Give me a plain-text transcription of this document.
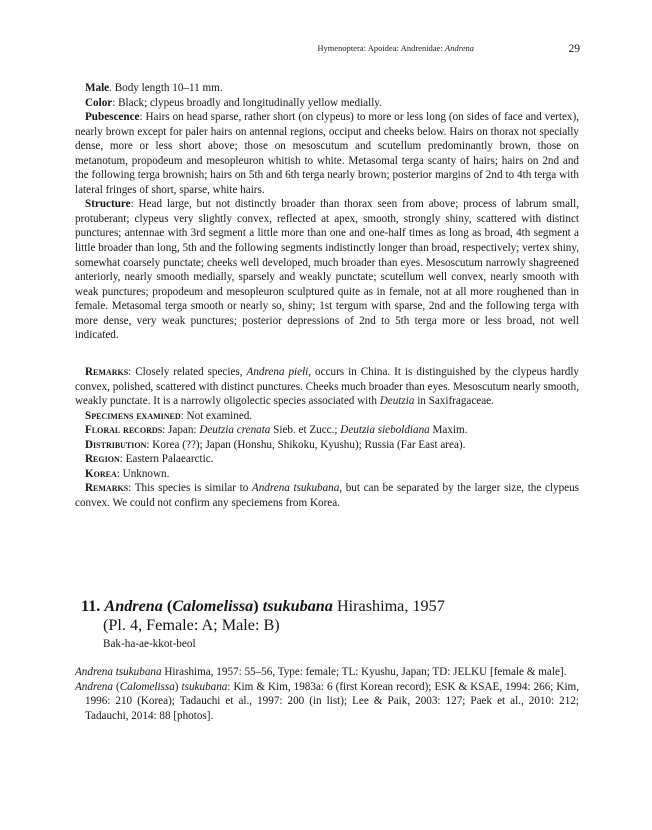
Hymenoptera: Apoidea: Andrenidae: Andrena	29

Male. Body length 10–11 mm.

Color: Black; clypeus broadly and longitudinally yellow medially.

Pubescence: Hairs on head sparse, rather short (on clypeus) to more or less long (on sides of face and vertex), nearly brown except for paler hairs on antennal regions, occiput and cheeks below. Hairs on thorax not specially dense, more or less short above; those on mesoscutum and scutellum predominantly brown, those on metanotum, propodeum and mesopleuron whitish to white. Metasomal terga scanty of hairs; hairs on 2nd and the following terga brownish; hairs on 5th and 6th terga nearly brown; posterior margins of 2nd to 4th terga with lateral fringes of short, sparse, white hairs.

Structure: Head large, but not distinctly broader than thorax seen from above; process of labrum small, protuberant; clypeus very slightly convex, reflected at apex, smooth, strongly shiny, scattered with distinct punctures; antennae with 3rd segment a little more than one and one-half times as long as broad, 4th segment a little broader than long, 5th and the following segments indistinctly longer than broad, respectively; vertex shiny, somewhat coarsely punctate; cheeks well developed, much broader than eyes. Mesoscutum narrowly shagreened anteriorly, nearly smooth medially, sparsely and weakly punctate; scutellum well convex, nearly smooth with weak punctures; propodeum and mesopleuron sculptured quite as in female, not at all more roughened than in female. Metasomal terga smooth or nearly so, shiny; 1st tergum with sparse, 2nd and the following terga with more dense, very weak punctures; posterior depressions of 2nd to 5th terga more or less broad, not well indicated.

Remarks: Closely related species, Andrena pieli, occurs in China. It is distinguished by the clypeus hardly convex, polished, scattered with distinct punctures. Cheeks much broader than eyes. Mesoscutum nearly smooth, weakly punctate. It is a narrowly oligolectic species associated with Deutzia in Saxifragaceae.

Specimens examined: Not examined.

Floral records: Japan: Deutzia crenata Sieb. et Zucc.; Deutzia sieboldiana Maxim.

Distribution: Korea (??); Japan (Honshu, Shikoku, Kyushu); Russia (Far East area).

Region: Eastern Palaearctic.

Korea: Unknown.

Remarks: This species is similar to Andrena tsukubana, but can be separated by the larger size, the clypeus convex. We could not confirm any speciemens from Korea.

11. Andrena (Calomelissa) tsukubana Hirashima, 1957
(Pl. 4, Female: A; Male: B)
Bak-ha-ae-kkot-beol

Andrena tsukubana Hirashima, 1957: 55–56, Type: female; TL: Kyushu, Japan; TD: JELKU [female & male].

Andrena (Calomelissa) tsukubana: Kim & Kim, 1983a: 6 (first Korean record); ESK & KSAE, 1994: 266; Kim, 1996: 210 (Korea); Tadauchi et al., 1997: 200 (in list); Lee & Paik, 2003: 127; Paek et al., 2010: 212; Tadauchi, 2014: 88 [photos].
